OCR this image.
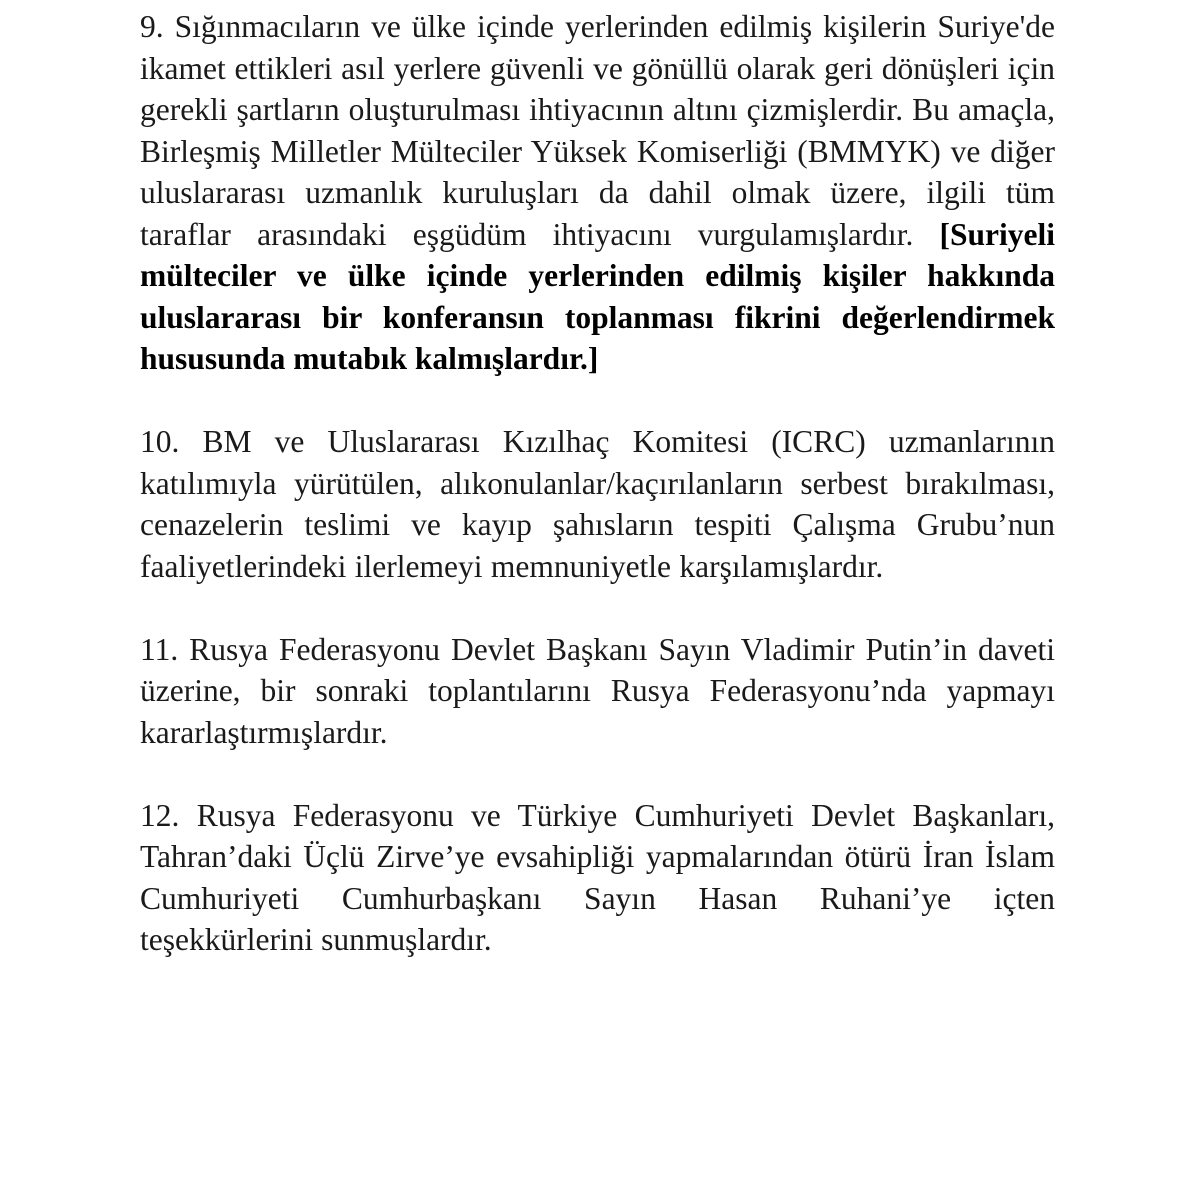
9. Sığınmacıların ve ülke içinde yerlerinden edilmiş kişilerin Suriye'de ikamet ettikleri asıl yerlere güvenli ve gönüllü olarak geri dönüşleri için gerekli şartların oluşturulması ihtiyacının altını çizmişlerdir. Bu amaçla, Birleşmiş Milletler Mülteciler Yüksek Komiserliği (BMMYK) ve diğer uluslararası uzmanlık kuruluşları da dahil olmak üzere, ilgili tüm taraflar arasındaki eşgüdüm ihtiyacını vurgulamışlardır. [Suriyeli mülteciler ve ülke içinde yerlerinden edilmiş kişiler hakkında uluslararası bir konferansın toplanması fikrini değerlendirmek hususunda mutabık kalmışlardır.]

10. BM ve Uluslararası Kızılhaç Komitesi (ICRC) uzmanlarının katılımıyla yürütülen, alıkonulanlar/kaçırılanların serbest bırakılması, cenazelerin teslimi ve kayıp şahısların tespiti Çalışma Grubu’nun faaliyetlerindeki ilerlemeyi memnuniyetle karşılamışlardır.

11. Rusya Federasyonu Devlet Başkanı Sayın Vladimir Putin’in daveti üzerine, bir sonraki toplantılarını Rusya Federasyonu’nda yapmayı kararlaştırmışlardır.

12. Rusya Federasyonu ve Türkiye Cumhuriyeti Devlet Başkanları, Tahran’daki Üçlü Zirve’ye evsahipliği yapmalarından ötürü İran İslam Cumhuriyeti Cumhurbaşkanı Sayın Hasan Ruhani’ye içten teşekkürlerini sunmuşlardır.
